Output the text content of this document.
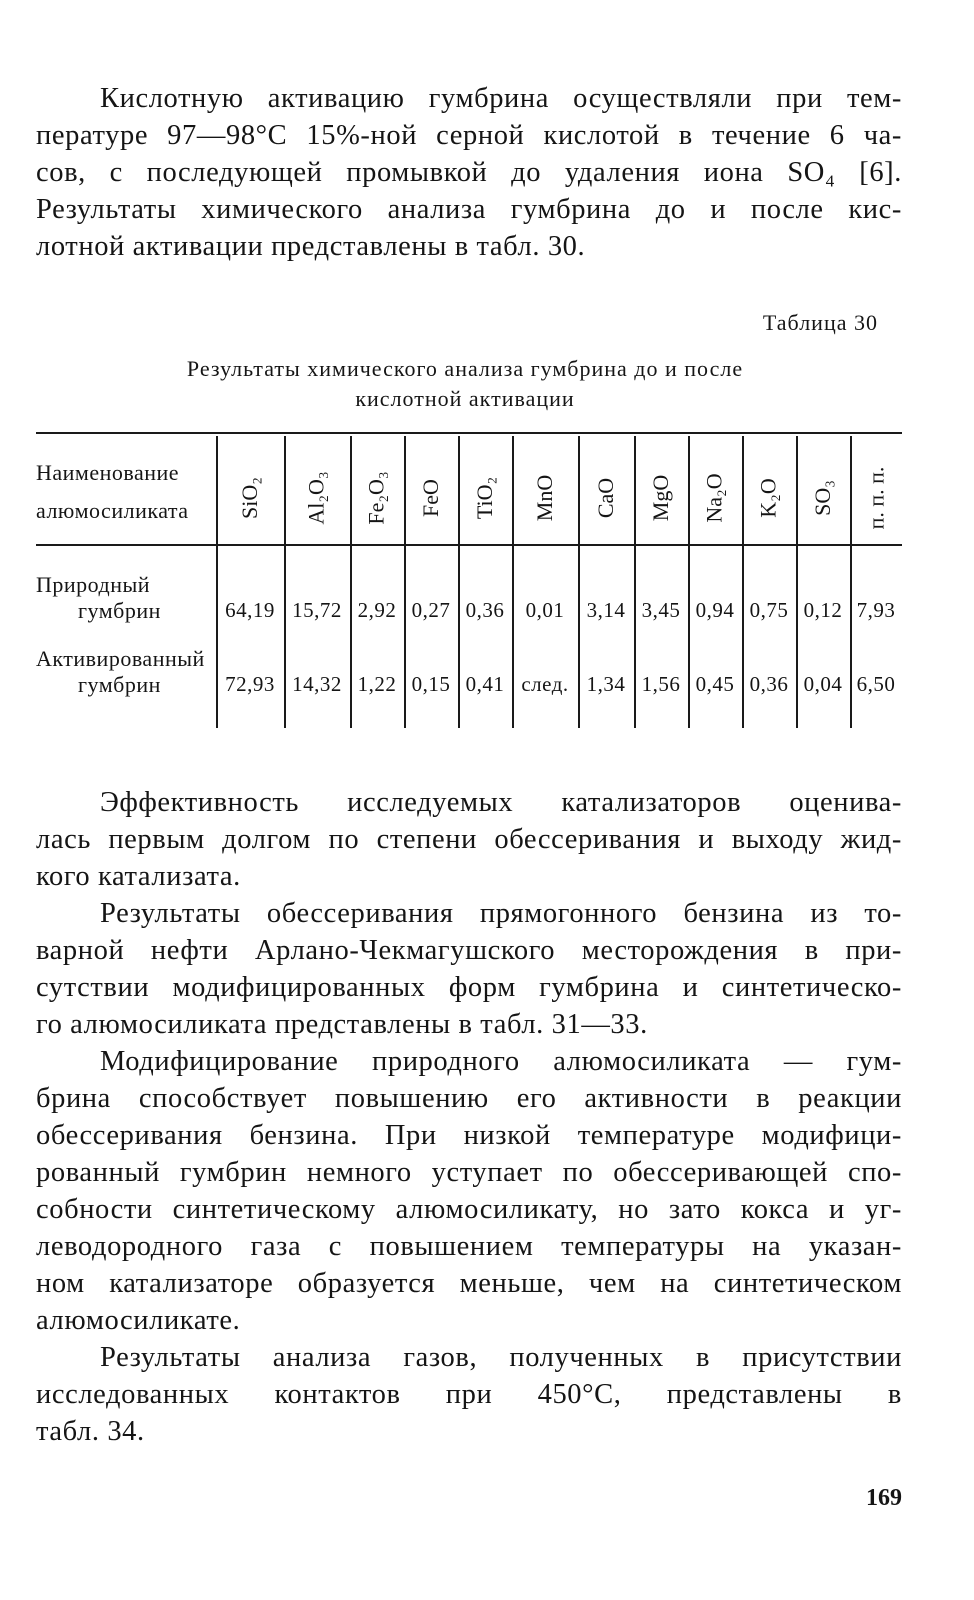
Кислотную активацию гумбрина осуществляли при тем-
пературе 97—98°С 15%-ной серной кислотой в течение 6 ча-
сов, с последующей промывкой до удаления иона SO₄ [6].
Результаты химического анализа гумбрина до и после кис-
лотной активации представлены в табл. 30.
Таблица 30
Результаты химического анализа гумбрина до и после
кислотной активации
Наименование
алюмосиликата SiO₂ Al₂O₃ Fe₂O₃ FeO TiO₂ MnO CaO MgO Na₂O K₂O SO₃ п. п. п.
Природный
гумбрин
Активированный
гумбрин
64,19 15,72 2,92 0,27 0,36	0,01	3,14 3,45 0,94 0,75 0,12 7,93
72,93 14,32 1,22 0,15 0,41 след. 1,34 1,56 0,45 0,36 0,04 6,50
Эффективность исследуемых катализаторов оценива-
лась первым долгом по степени обессеривания и выходу жид-
кого катализата.
Результаты обессеривания прямогонного бензина из то-
варной нефти Арлано-Чекмагушского месторождения в при-
сутствии модифицированных форм гумбрина и синтетическо-
го алюмосиликата представлены в табл. 31—33.
Модифицирование природного алюмосиликата — гум-
брина способствует повышению его активности в реакции
обессеривания бензина. При низкой температуре модифици-
рованный гумбрин немного уступает по обессеривающей спо-
собности синтетическому алюмосиликату, но зато кокса и уг-
леводородного газа с повышением температуры на указан-
ном катализаторе образуется меньше, чем на синтетическом
алюмосиликате.
Результаты анализа газов, полученных в присутствии
исследованных контактов при 450°С, представлены в
табл. 34.
169
